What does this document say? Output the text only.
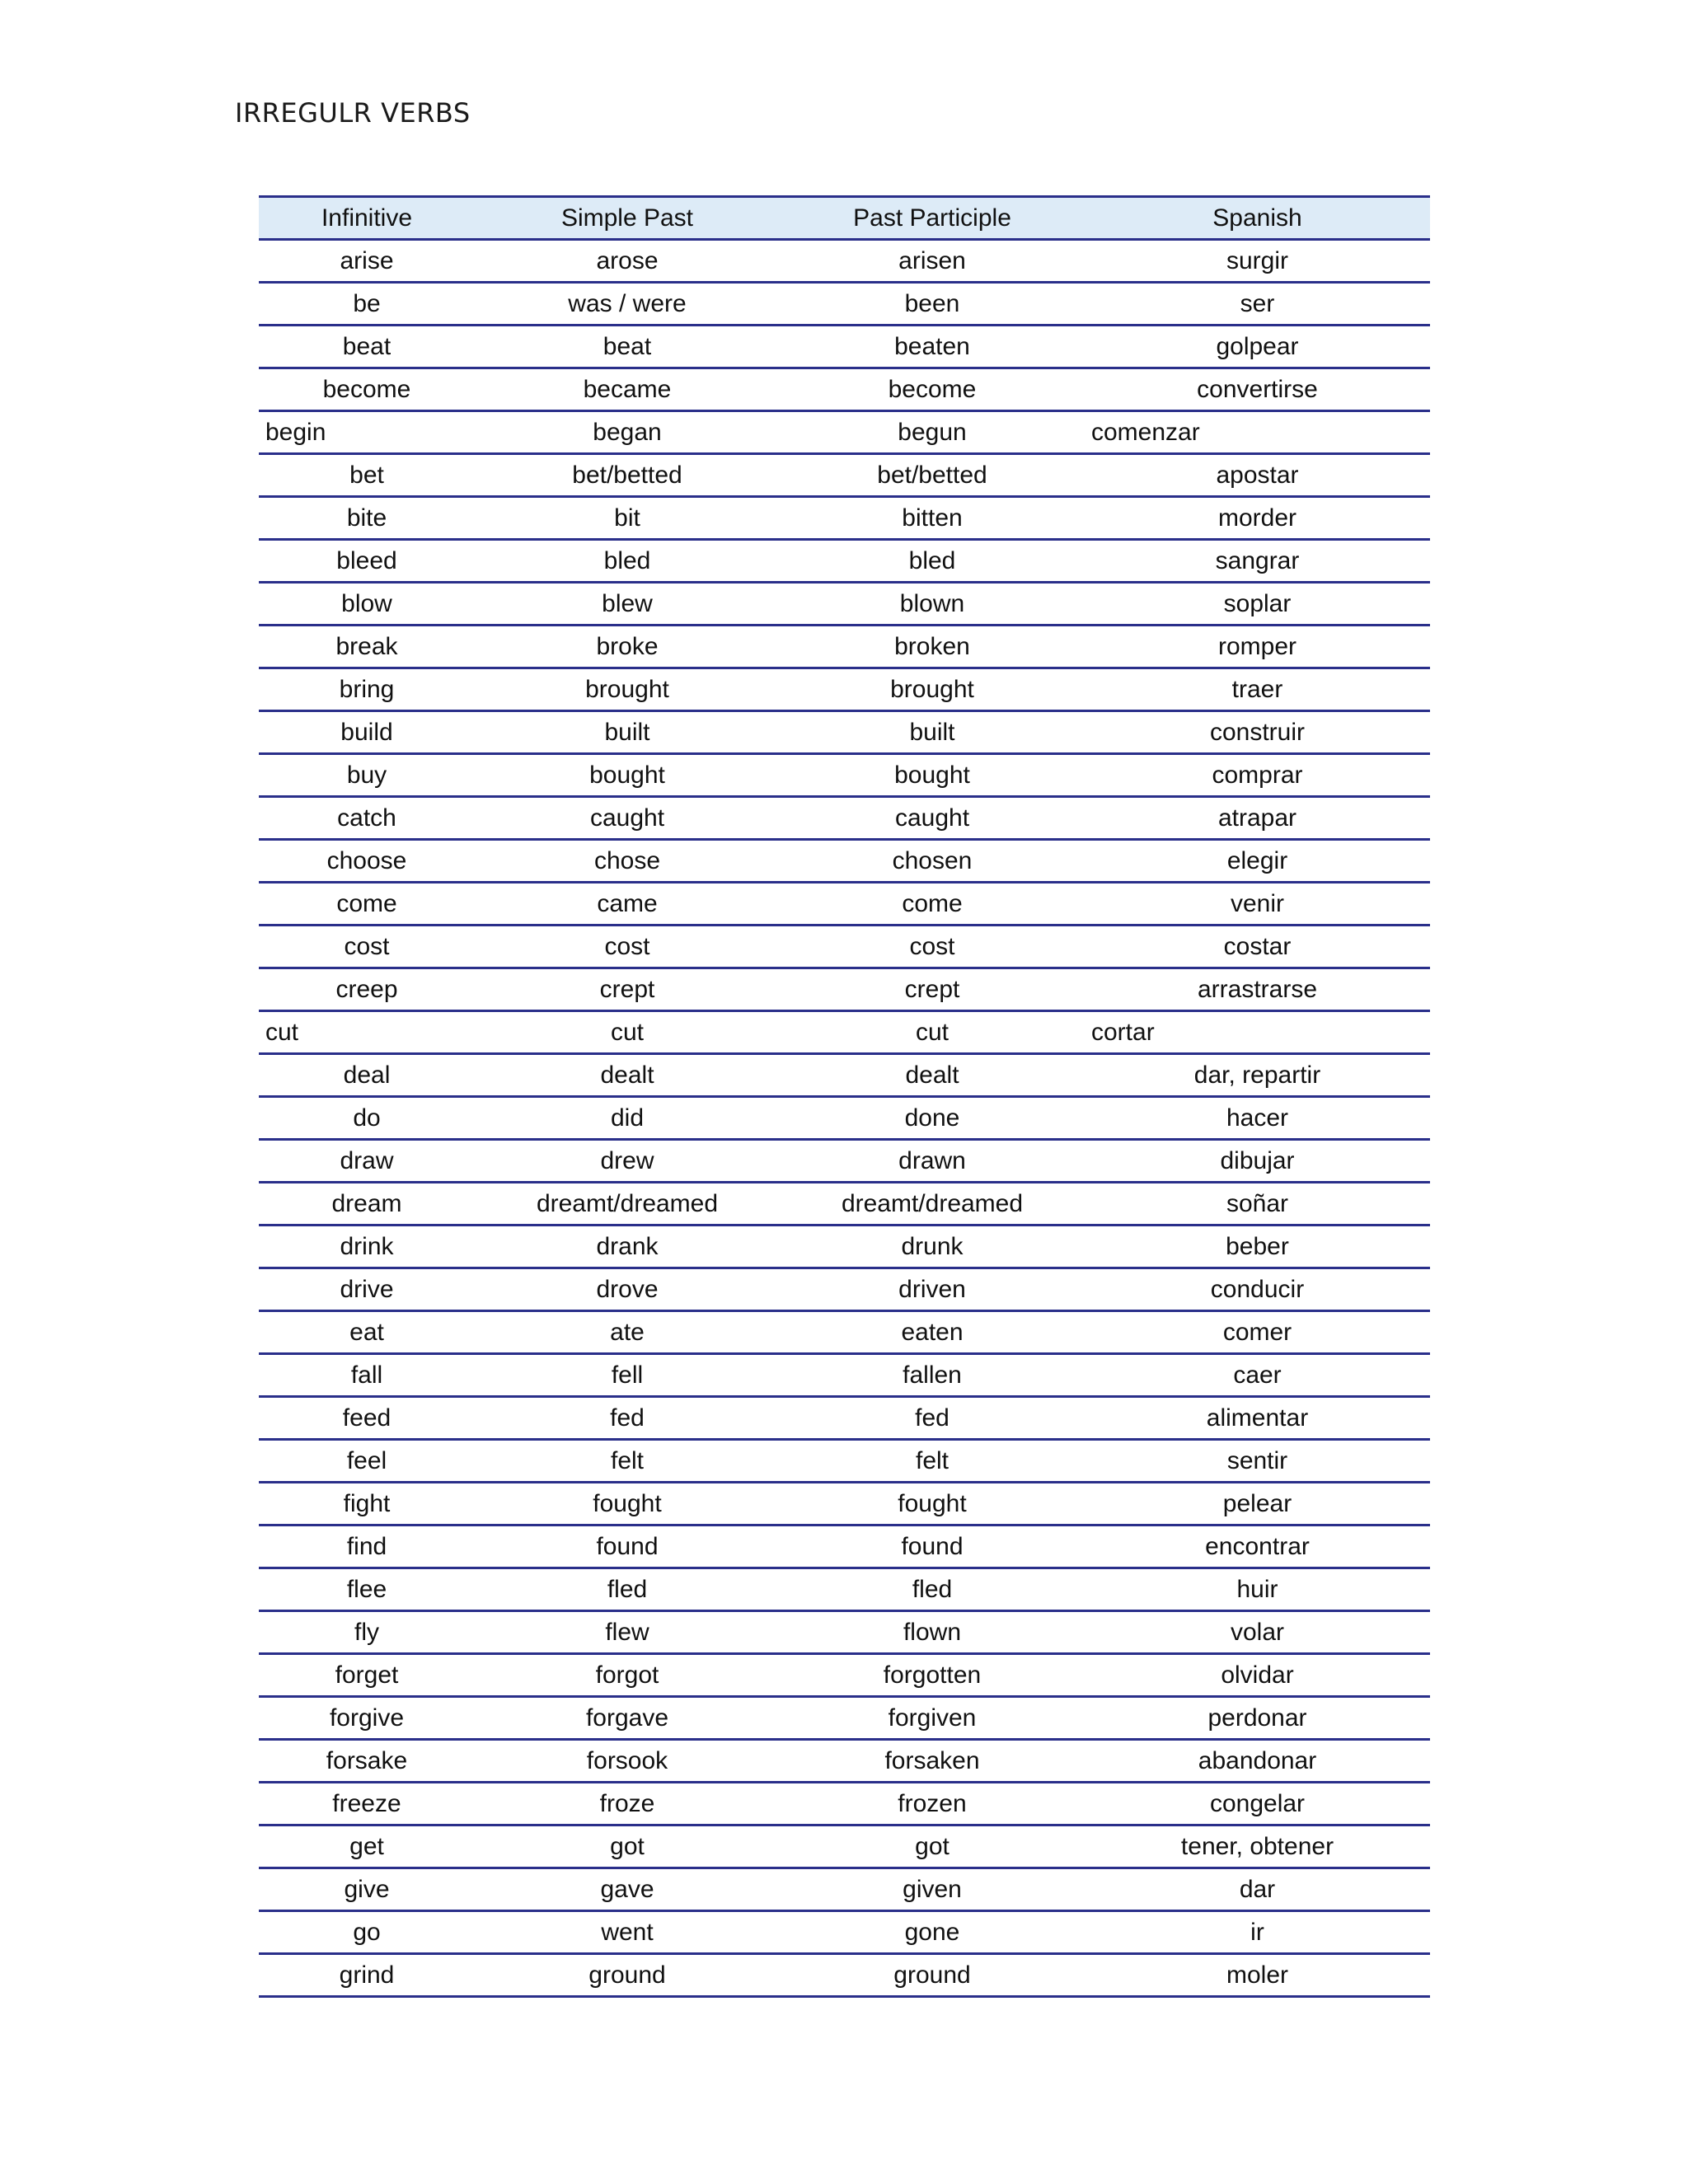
IRREGULR VERBS
Infinitive	Simple Past	Past Participle	Spanish
arise	arose	arisen	surgir
be	was / were	been	ser
beat	beat	beaten	golpear
become	became	become	convertirse
begin	began	begun	comenzar
bet	bet/betted	bet/betted	apostar
bite	bit	bitten	morder
bleed	bled	bled	sangrar
blow	blew	blown	soplar
break	broke	broken	romper
bring	brought	brought	traer
build	built	built	construir
buy	bought	bought	comprar
catch	caught	caught	atrapar
choose	chose	chosen	elegir
come	came	come	venir
cost	cost	cost	costar
creep	crept	crept	arrastrarse
cut	cut	cut	cortar
deal	dealt	dealt	dar, repartir
do	did	done	hacer
draw	drew	drawn	dibujar
dream	dreamt/dreamed	dreamt/dreamed	soñar
drink	drank	drunk	beber
drive	drove	driven	conducir
eat	ate	eaten	comer
fall	fell	fallen	caer
feed	fed	fed	alimentar
feel	felt	felt	sentir
fight	fought	fought	pelear
find	found	found	encontrar
flee	fled	fled	huir
fly	flew	flown	volar
forget	forgot	forgotten	olvidar
forgive	forgave	forgiven	perdonar
forsake	forsook	forsaken	abandonar
freeze	froze	frozen	congelar
get	got	got	tener, obtener
give	gave	given	dar
go	went	gone	ir
grind	ground	ground	moler
